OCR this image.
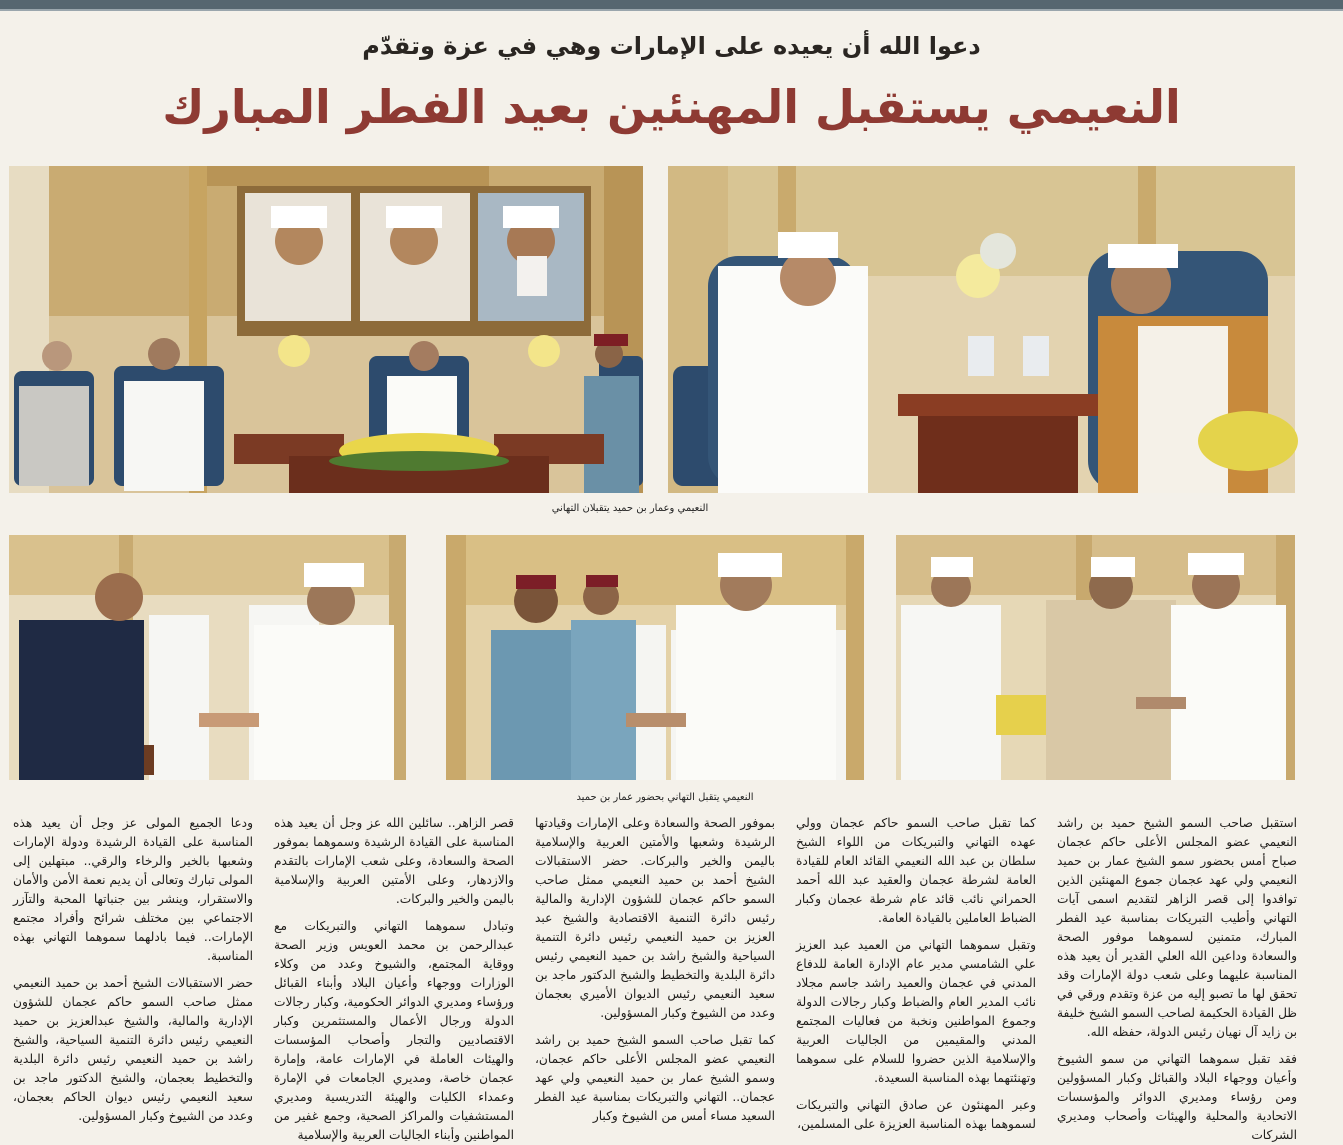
دعوا الله أن يعيده على الإمارات وهي في عزة وتقدّم
النعيمي يستقبل المهنئين بعيد الفطر المبارك
النعيمي وعمار بن حميد يتقبلان التهاني
النعيمي يتقبل التهاني بحضور عمار بن حميد

استقبل صاحب السمو الشيخ حميد بن راشد النعيمي عضو المجلس الأعلى حاكم عجمان صباح أمس بحضور سمو الشيخ عمار بن حميد النعيمي ولي عهد عجمان جموع المهنئين الذين توافدوا إلى قصر الزاهر لتقديم اسمى آيات التهاني وأطيب التبريكات بمناسبة عيد الفطر المبارك، متمنين لسموهما موفور الصحة والسعادة وداعين الله العلي القدير أن يعيد هذه المناسبة عليهما وعلى شعب دولة الإمارات وقد تحقق لها ما تصبو إليه من عزة وتقدم ورقي في ظل القيادة الحكيمة لصاحب السمو الشيخ خليفة بن زايد آل نهيان رئيس الدولة، حفظه الله.

فقد تقبل سموهما التهاني من سمو الشيوخ وأعيان ووجهاء البلاد والقبائل وكبار المسؤولين ومن رؤساء ومديري الدوائر والمؤسسات الاتحادية والمحلية والهيئات وأصحاب ومديري الشركات

كما تقبل صاحب السمو حاكم عجمان وولي عهده التهاني والتبريكات من اللواء الشيخ سلطان بن عبد الله النعيمي القائد العام للقيادة العامة لشرطة عجمان والعقيد عبد الله أحمد الحمراني نائب قائد عام شرطة عجمان وكبار الضباط العاملين بالقيادة العامة.

وتقبل سموهما التهاني من العميد عبد العزيز علي الشامسي مدير عام الإدارة العامة للدفاع المدني في عجمان والعميد راشد جاسم مجلاد نائب المدير العام والضباط وكبار رجالات الدولة وجموع المواطنين ونخبة من فعاليات المجتمع المدني والمقيمين من الجاليات العربية والإسلامية الذين حضروا للسلام على سموهما وتهنئتهما بهذه المناسبة السعيدة.

وعبر المهنئون عن صادق التهاني والتبريكات لسموهما بهذه المناسبة العزيزة على المسلمين،

بموفور الصحة والسعادة وعلى الإمارات وقيادتها الرشيدة وشعبها والأمتين العربية والإسلامية باليمن والخير والبركات. حضر الاستقبالات الشيخ أحمد بن حميد النعيمي ممثل صاحب السمو حاكم عجمان للشؤون الإدارية والمالية رئيس دائرة التنمية الاقتصادية والشيخ عبد العزيز بن حميد النعيمي رئيس دائرة التنمية السياحية والشيخ راشد بن حميد النعيمي رئيس دائرة البلدية والتخطيط والشيخ الدكتور ماجد بن سعيد النعيمي رئيس الديوان الأميري بعجمان وعدد من الشيوخ وكبار المسؤولين.

كما تقبل صاحب السمو الشيخ حميد بن راشد النعيمي عضو المجلس الأعلى حاكم عجمان، وسمو الشيخ عمار بن حميد النعيمي ولي عهد عجمان.. التهاني والتبريكات بمناسبة عيد الفطر السعيد مساء أمس من الشيوخ وكبار

قصر الزاهر.. سائلين الله عز وجل أن يعيد هذه المناسبة على القيادة الرشيدة وسموهما بموفور الصحة والسعادة، وعلى شعب الإمارات بالتقدم والازدهار، وعلى الأمتين العربية والإسلامية باليمن والخير والبركات.

وتبادل سموهما التهاني والتبريكات مع عبدالرحمن بن محمد العويس وزير الصحة ووقاية المجتمع، والشيوخ وعدد من وكلاء الوزارات ووجهاء وأعيان البلاد وأبناء القبائل ورؤساء ومديري الدوائر الحكومية، وكبار رجالات الدولة ورجال الأعمال والمستثمرين وكبار الاقتصاديين والتجار وأصحاب المؤسسات والهيئات العاملة في الإمارات عامة، وإمارة عجمان خاصة، ومديري الجامعات في الإمارة وعمداء الكليات والهيئة التدريسية ومديري المستشفيات والمراكز الصحية، وجمع غفير من المواطنين وأبناء الجاليات العربية والإسلامية

ودعا الجميع المولى عز وجل أن يعيد هذه المناسبة على القيادة الرشيدة ودولة الإمارات وشعبها بالخير والرخاء والرقي.. مبتهلين إلى المولى تبارك وتعالى أن يديم نعمة الأمن والأمان والاستقرار، وينشر بين جنباتها المحبة والتآزر الاجتماعي بين مختلف شرائح وأفراد مجتمع الإمارات.. فيما بادلهما سموهما التهاني بهذه المناسبة.

حضر الاستقبالات الشيخ أحمد بن حميد النعيمي ممثل صاحب السمو حاكم عجمان للشؤون الإدارية والمالية، والشيخ عبدالعزيز بن حميد النعيمي رئيس دائرة التنمية السياحية، والشيخ راشد بن حميد النعيمي رئيس دائرة البلدية والتخطيط بعجمان، والشيخ الدكتور ماجد بن سعيد النعيمي رئيس ديوان الحاكم بعجمان، وعدد من الشيوخ وكبار المسؤولين.
